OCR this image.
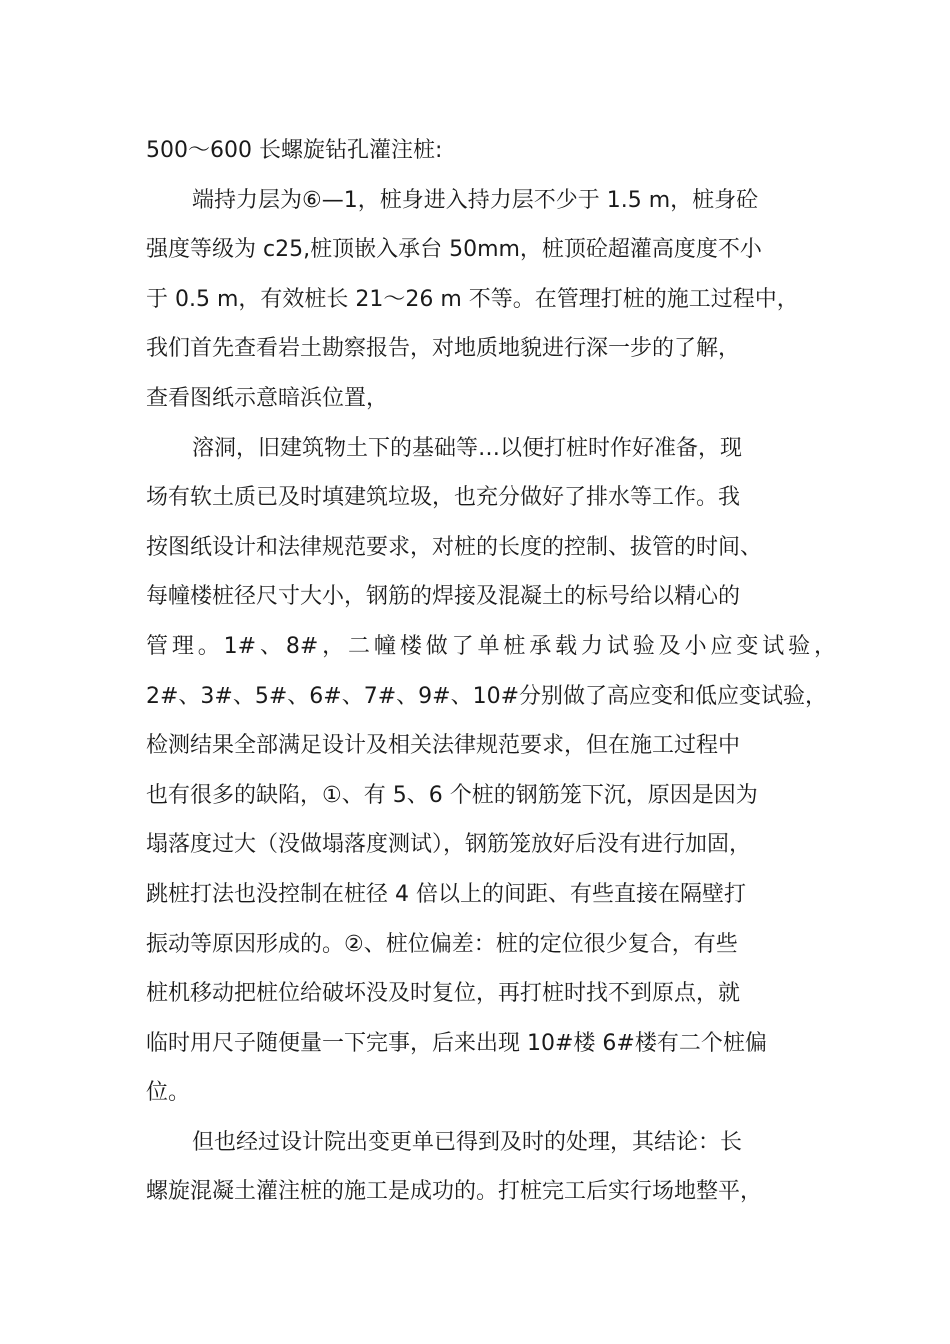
500～600 长螺旋钻孔灌注桩:
端持力层为⑥—1，桩身进入持力层不少于 1.5 m，桩身砼
强度等级为 c25,桩顶嵌入承台 50mm，桩顶砼超灌高度度不小
于 0.5 m，有效桩长 21～26 m 不等。在管理打桩的施工过程中，
我们首先查看岩土勘察报告，对地质地貌进行深一步的了解，
查看图纸示意暗浜位置，
溶洞，旧建筑物土下的基础等…以便打桩时作好准备，现
场有软土质已及时填建筑垃圾，也充分做好了排水等工作。我
按图纸设计和法律规范要求，对桩的长度的控制、拔管的时间、
每幢楼桩径尺寸大小，钢筋的焊接及混凝土的标号给以精心的
管理。1#、8#，二幢楼做了单桩承载力试验及小应变试验，
2#、3#、5#、6#、7#、9#、10#分别做了高应变和低应变试验，
检测结果全部满足设计及相关法律规范要求，但在施工过程中
也有很多的缺陷，①、有 5、6 个桩的钢筋笼下沉，原因是因为
塌落度过大（没做塌落度测试），钢筋笼放好后没有进行加固，
跳桩打法也没控制在桩径 4 倍以上的间距、有些直接在隔壁打
振动等原因形成的。②、桩位偏差：桩的定位很少复合，有些
桩机移动把桩位给破坏没及时复位，再打桩时找不到原点，就
临时用尺子随便量一下完事，后来出现 10#楼 6#楼有二个桩偏
位。
但也经过设计院出变更单已得到及时的处理，其结论：长
螺旋混凝土灌注桩的施工是成功的。打桩完工后实行场地整平，
